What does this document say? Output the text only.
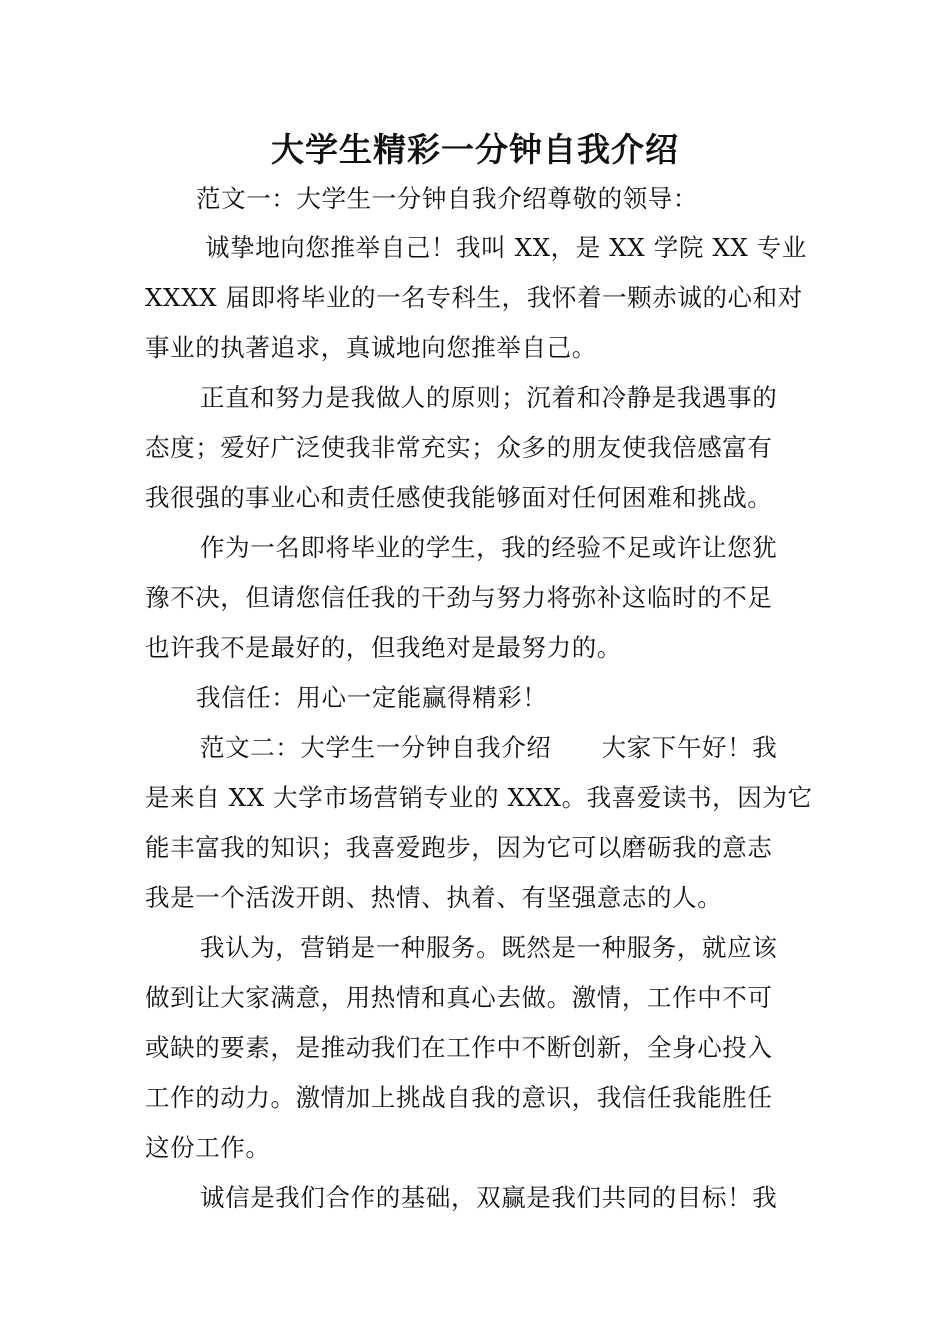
大学生精彩一分钟自我介绍
范文一：大学生一分钟自我介绍尊敬的领导：
诚挚地向您推举自己！我叫 XX，是 XX 学院 XX 专业
XXXX 届即将毕业的一名专科生，我怀着一颗赤诚的心和对
事业的执著追求，真诚地向您推举自己。
正直和努力是我做人的原则；沉着和冷静是我遇事的
态度；爱好广泛使我非常充实；众多的朋友使我倍感富有
我很强的事业心和责任感使我能够面对任何困难和挑战。
作为一名即将毕业的学生，我的经验不足或许让您犹
豫不决，但请您信任我的干劲与努力将弥补这临时的不足
也许我不是最好的，但我绝对是最努力的。
我信任：用心一定能赢得精彩！
范文二：大学生一分钟自我介绍　　大家下午好！我
是来自 XX 大学市场营销专业的 XXX。我喜爱读书，因为它
能丰富我的知识；我喜爱跑步，因为它可以磨砺我的意志
我是一个活泼开朗、热情、执着、有坚强意志的人。
我认为，营销是一种服务。既然是一种服务，就应该
做到让大家满意，用热情和真心去做。激情，工作中不可
或缺的要素，是推动我们在工作中不断创新，全身心投入
工作的动力。激情加上挑战自我的意识，我信任我能胜任
这份工作。
诚信是我们合作的基础，双赢是我们共同的目标！我
